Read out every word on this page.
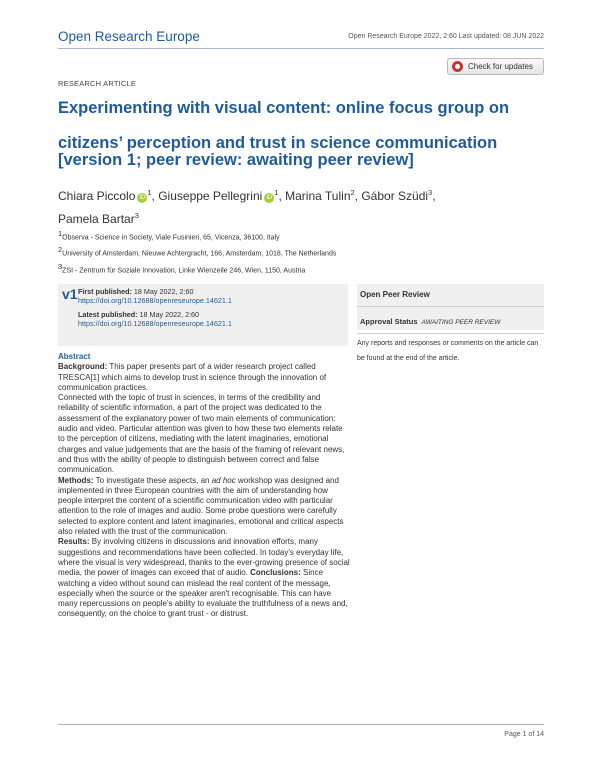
Open Research Europe	Open Research Europe 2022, 2:60 Last updated: 08 JUN 2022
RESEARCH ARTICLE
Check for updates
Experimenting with visual content: online focus group on citizens’ perception and trust in science communication
[version 1; peer review: awaiting peer review]
Chiara Piccolo $iD^1$, Giuseppe Pellegrini $iD^1$, Marina Tulin$^2$, Gábor Szüdi$^3$,
Pamela Bartar$^3$
$^1$Observa - Science in Society, Viale Fusinieri, 65, Vicenza, 36100, Italy
$^2$University of Amsterdam, Nieuwe Achtergracht, 166, Amsterdam, 1018, The Netherlands
$^3$ZSI - Zentrum für Soziale Innovation, Linke Wienzeile 246, Wien, 1150, Austria
v1 First published: 18 May 2022, 2:60
https://doi.org/10.12688/openreseurope.14621.1
Latest published: 18 May 2022, 2:60
https://doi.org/10.12688/openreseurope.14621.1
Open Peer Review
Approval Status AWAITING PEER REVIEW
Any reports and responses or comments on the article can be found at the end of the article.
Abstract
Background: This paper presents part of a wider research project called TRESCA[1] which aims to develop trust in science through the innovation of communication practices.
Connected with the topic of trust in sciences, in terms of the credibility and reliability of scientific information, a part of the project was dedicated to the assessment of the explanatory power of two main elements of communication: audio and video. Particular attention was given to how these two elements relate to the perception of citizens, mediating with the latent imaginaries, emotional charges and value judgements that are the basis of the framing of relevant news, and thus with the ability of people to distinguish between correct and false communication.
Methods: To investigate these aspects, an ad hoc workshop was designed and implemented in three European countries with the aim of understanding how people interpret the content of a scientific communication video with particular attention to the role of images and audio. Some probe questions were carefully selected to explore content and latent imaginaries, emotional and critical aspects also related with the trust of the communication.
Results: By involving citizens in discussions and innovation efforts, many suggestions and recommendations have been collected. In today's everyday life, where the visual is very widespread, thanks to the ever-growing presence of social media, the power of images can exceed that of audio. Conclusions: Since watching a video without sound can mislead the real content of the message, especially when the source or the speaker aren't recognisable. This can have many repercussions on people's ability to evaluate the truthfulness of a news and, consequently, on the choice to grant trust - or distrust.
Page 1 of 14
